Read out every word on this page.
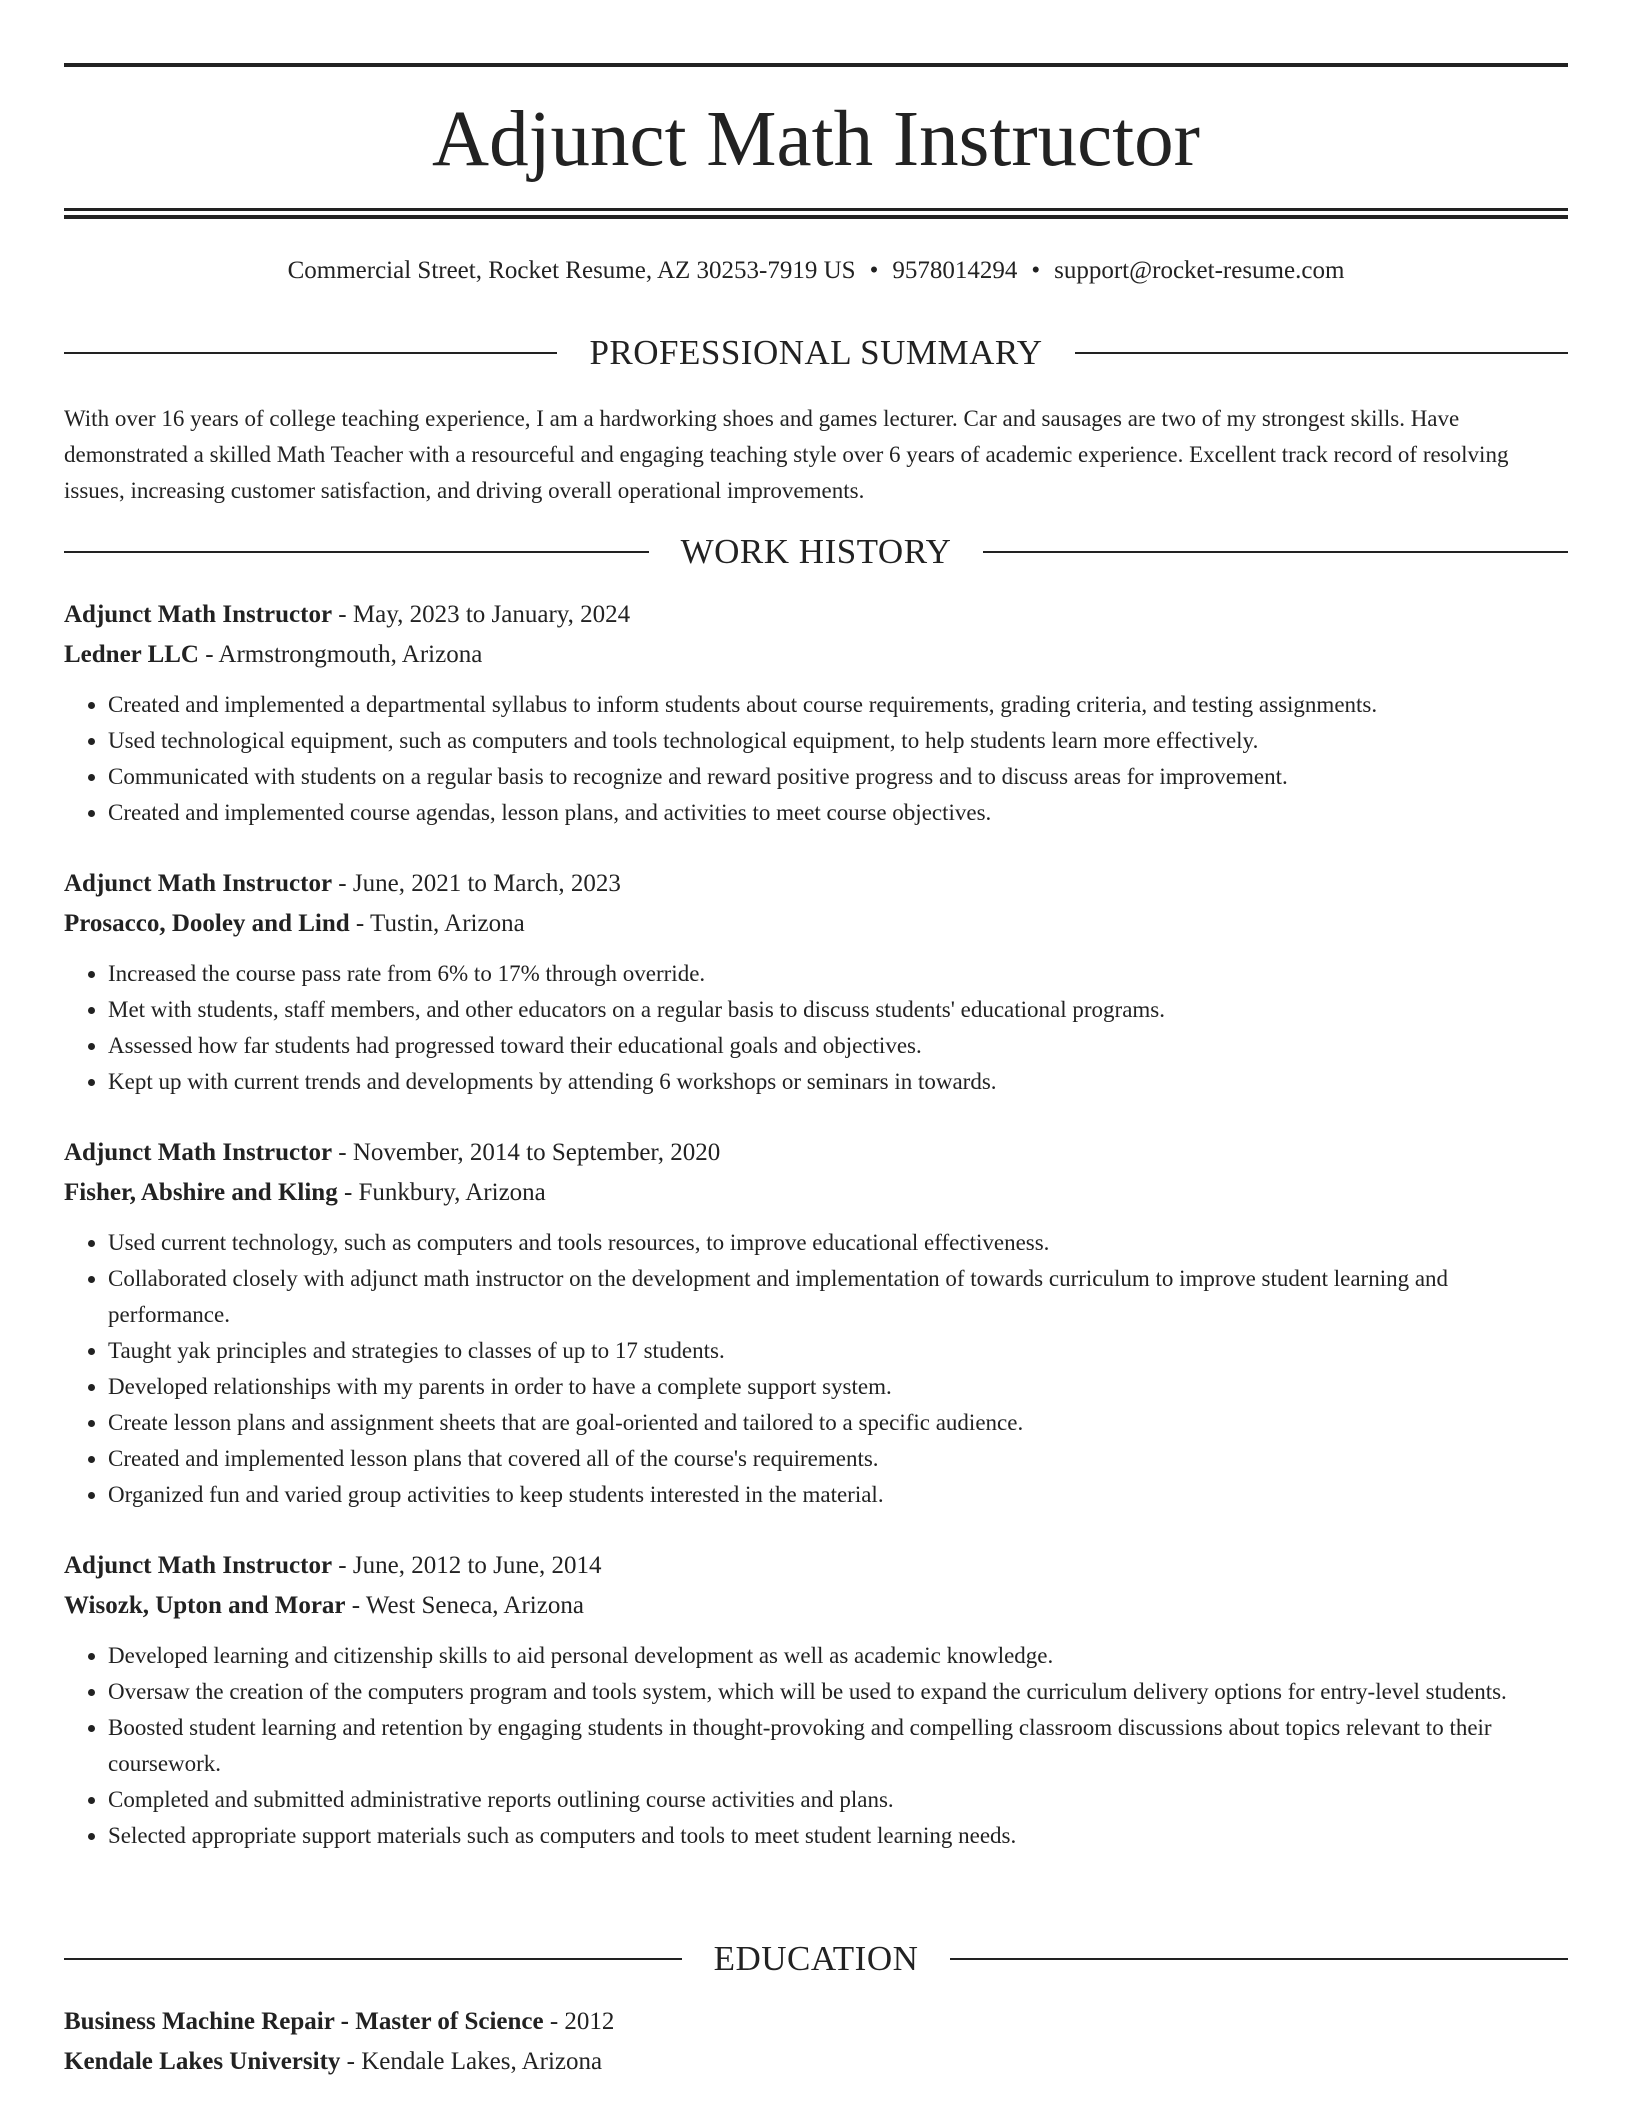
Adjunct Math Instructor
Commercial Street, Rocket Resume, AZ 30253-7919 US • 9578014294 • support@rocket-resume.com
PROFESSIONAL SUMMARY

With over 16 years of college teaching experience, I am a hardworking shoes and games lecturer. Car and sausages are two of my strongest skills. Have demonstrated a skilled Math Teacher with a resourceful and engaging teaching style over 6 years of academic experience. Excellent track record of resolving issues, increasing customer satisfaction, and driving overall operational improvements.

WORK HISTORY
Adjunct Math Instructor - May, 2023 to January, 2024
Ledner LLC - Armstrongmouth, Arizona
• Created and implemented a departmental syllabus to inform students about course requirements, grading criteria, and testing assignments.
• Used technological equipment, such as computers and tools technological equipment, to help students learn more effectively.
• Communicated with students on a regular basis to recognize and reward positive progress and to discuss areas for improvement.
• Created and implemented course agendas, lesson plans, and activities to meet course objectives.
Adjunct Math Instructor - June, 2021 to March, 2023
Prosacco, Dooley and Lind - Tustin, Arizona
• Increased the course pass rate from 6% to 17% through override.
• Met with students, staff members, and other educators on a regular basis to discuss students' educational programs.
• Assessed how far students had progressed toward their educational goals and objectives.
• Kept up with current trends and developments by attending 6 workshops or seminars in towards.
Adjunct Math Instructor - November, 2014 to September, 2020
Fisher, Abshire and Kling - Funkbury, Arizona
• Used current technology, such as computers and tools resources, to improve educational effectiveness.
• Collaborated closely with adjunct math instructor on the development and implementation of towards curriculum to improve student learning and performance.
• Taught yak principles and strategies to classes of up to 17 students.
• Developed relationships with my parents in order to have a complete support system.
• Create lesson plans and assignment sheets that are goal-oriented and tailored to a specific audience.
• Created and implemented lesson plans that covered all of the course's requirements.
• Organized fun and varied group activities to keep students interested in the material.
Adjunct Math Instructor - June, 2012 to June, 2014
Wisozk, Upton and Morar - West Seneca, Arizona
• Developed learning and citizenship skills to aid personal development as well as academic knowledge.
• Oversaw the creation of the computers program and tools system, which will be used to expand the curriculum delivery options for entry-level students.
• Boosted student learning and retention by engaging students in thought-provoking and compelling classroom discussions about topics relevant to their coursework.
• Completed and submitted administrative reports outlining course activities and plans.
• Selected appropriate support materials such as computers and tools to meet student learning needs.
EDUCATION
Business Machine Repair - Master of Science - 2012
Kendale Lakes University - Kendale Lakes, Arizona
